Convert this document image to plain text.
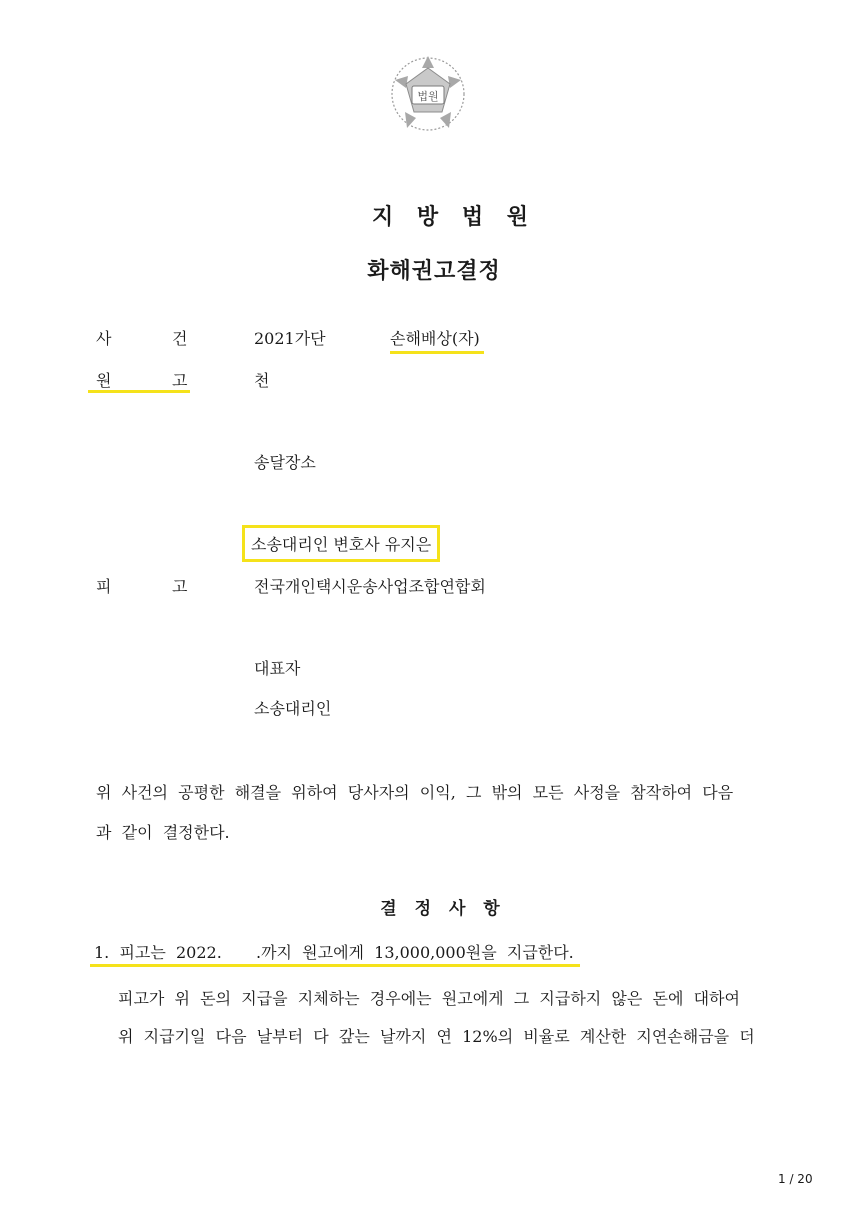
법원
지 방 법 원
화해권고결정
사	건	2021가단	손해배상(자)
원	고	천
송달장소
소송대리인 변호사 유지은
피	고	전국개인택시운송사업조합연합회
대표자
소송대리인
위  사건의  공평한  해결을  위하여  당사자의  이익,  그  밖의  모든  사정을  참작하여  다음
과  같이  결정한다.
결 정 사 항
1.  피고는  2022. .까지  원고에게  13,000,000원을  지급한다.
피고가  위  돈의  지급을  지체하는  경우에는  원고에게  그  지급하지  않은  돈에  대하여
위  지급기일  다음  날부터  다  갚는  날까지  연  12%의  비율로  계산한  지연손해금을  더
1 / 20
